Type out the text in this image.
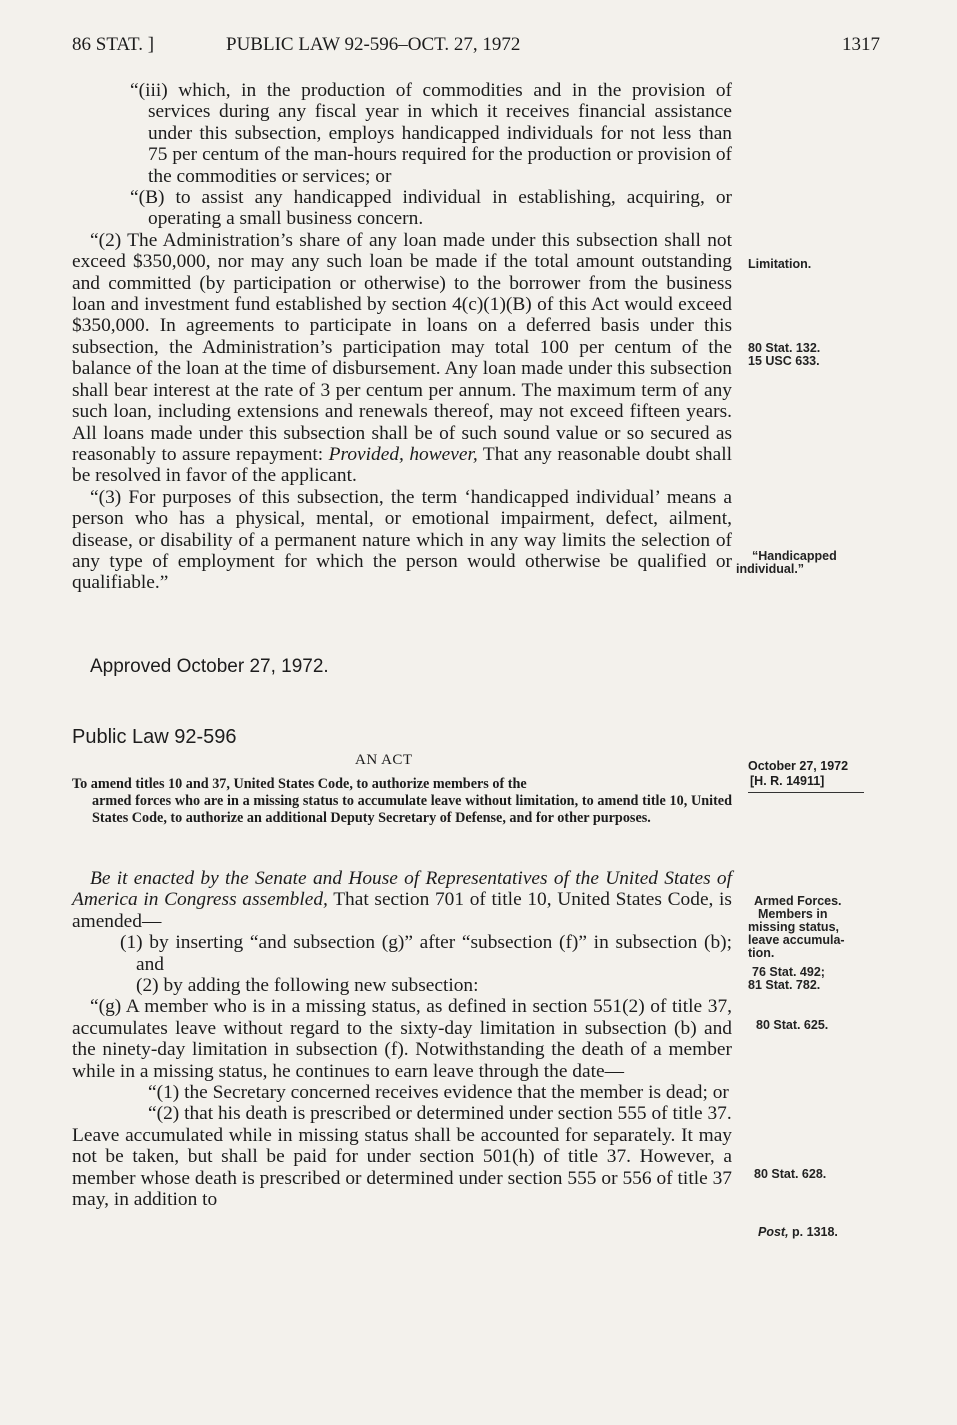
86 STAT. ]	PUBLIC LAW 92-596–OCT. 27, 1972	1317

“(iii) which, in the production of commodities and in the provision of services during any fiscal year in which it receives financial assistance under this subsection, employs handicapped individuals for not less than 75 per centum of the man-hours required for the production or provision of the commodities or services; or

“(B) to assist any handicapped individual in establishing, acquiring, or operating a small business concern.

“(2) The Administration’s share of any loan made under this subsection shall not exceed $350,000, nor may any such loan be made if the total amount outstanding and committed (by participation or otherwise) to the borrower from the business loan and investment fund established by section 4(c)(1)(B) of this Act would exceed $350,000. In agreements to participate in loans on a deferred basis under this subsection, the Administration’s participation may total 100 per centum of the balance of the loan at the time of disbursement. Any loan made under this subsection shall bear interest at the rate of 3 per centum per annum. The maximum term of any such loan, including extensions and renewals thereof, may not exceed fifteen years. All loans made under this subsection shall be of such sound value or so secured as reasonably to assure repayment: Provided, however, That any reasonable doubt shall be resolved in favor of the applicant.

“(3) For purposes of this subsection, the term ‘handicapped individual’ means a person who has a physical, mental, or emotional impairment, defect, ailment, disease, or disability of a permanent nature which in any way limits the selection of any type of employment for which the person would otherwise be qualified or qualifiable.”

Approved October 27, 1972.
Public Law 92-596
AN ACT
To amend titles 10 and 37, United States Code, to authorize members of the
armed forces who are in a missing status to accumulate leave without limitation, to amend title 10, United States Code, to authorize an additional Deputy Secretary of Defense, and for other purposes.
October 27, 1972
[H. R. 14911]

Be it enacted by the Senate and House of Representatives of the United States of America in Congress assembled, That section 701 of title 10, United States Code, is amended—

(1) by inserting “and subsection (g)” after “subsection (f)” in subsection (b); and

(2) by adding the following new subsection:

“(g) A member who is in a missing status, as defined in section 551(2) of title 37, accumulates leave without regard to the sixty-day limitation in subsection (b) and the ninety-day limitation in subsection (f). Notwithstanding the death of a member while in a missing status, he continues to earn leave through the date—

“(1) the Secretary concerned receives evidence that the member is dead; or

“(2) that his death is prescribed or determined under section 555 of title 37.

Leave accumulated while in missing status shall be accounted for separately. It may not be taken, but shall be paid for under section 501(h) of title 37. However, a member whose death is prescribed or determined under section 555 or 556 of title 37 may, in addition to

Limitation.
80 Stat. 132.
15 USC 633.
“Handicapped
individual.”
Armed Forces.
Members in
missing status,
leave accumula-
tion.
76 Stat. 492;
81 Stat. 782.
80 Stat. 625.
80 Stat. 628.
Post, p. 1318.
